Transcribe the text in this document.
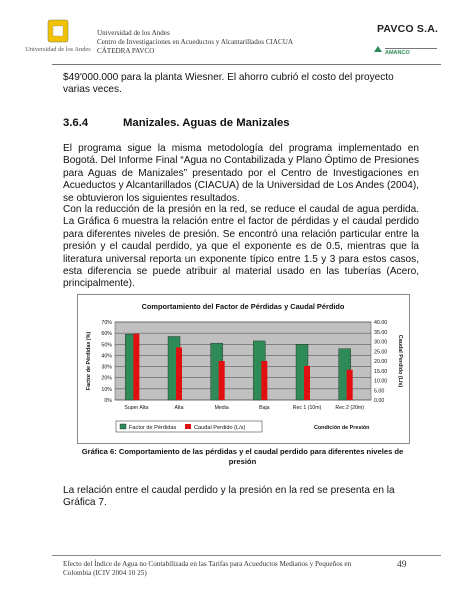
Universidad de los Andes
Universidad de los Andes
Centro de Investigaciones en Acueductos y Alcantarillados CIACUA
CÁTEDRA PAVCO
PAVCO S.A.
AMANCO
$49'000.000 para la planta Wiesner. El ahorro cubrió el costo del proyecto varias veces.
3.6.4	Manizales. Aguas de Manizales
El programa sigue la misma metodología del programa implementado en Bogotá. Del Informe Final “Agua no Contabilizada y Plano Óptimo de Presiones para Aguas de Manizales” presentado por el Centro de Investigaciones en Acueductos y Alcantarillados (CIACUA) de la Universidad de Los Andes (2004), se obtuvieron los siguientes resultados.
Con la reducción de la presión en la red, se reduce el caudal de agua perdida. La Gráfica 6 muestra la relación entre el factor de pérdidas y el caudal perdido para diferentes niveles de presión. Se encontró una relación particular entre la presión y el caudal perdido, ya que el exponente es de 0.5, mientras que la literatura universal reporta un exponente típico entre 1.5 y 3 para estos casos, esta diferencia se puede atribuir al material usado en las tuberías (Acero, principalmente).
Comportamiento del Factor de Pérdidas y Caudal Pérdido
0%
10%
20%
30%
40%
50%
60%
70%
0.00
5.00
10.00
15.00
20.00
25.00
30.00
35.00
40.00
Super Alta	Alta	Media	Baja	Rec 1 (10m)	Rec 2 (20m)
Factor de Pérdidas (%)	Caudal Perdido (L/s)
Factor de Pérdidas	Caudal Perdido (L/s)	Condición de Presión
Gráfica 6: Comportamiento de las pérdidas y el caudal perdido para diferentes niveles de presión
La relación entre el caudal perdido y la presión en la red se presenta en la Gráfica 7.
Efecto del Índice de Agua no Contabilizada en las Tarifas para Acueductos Medianos y Pequeños en Colombia (ICIV 2004 10 25)
49
